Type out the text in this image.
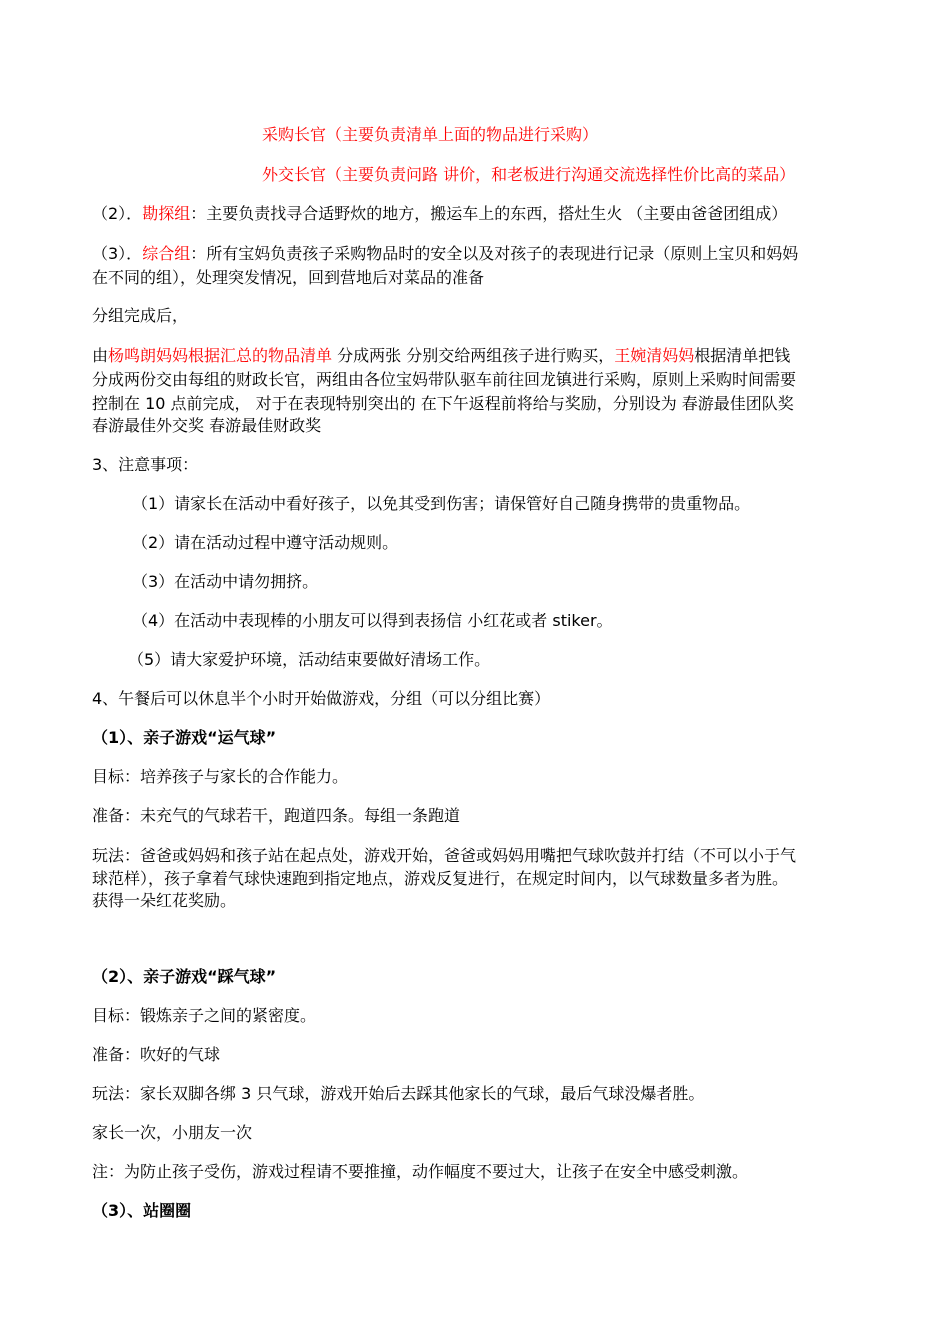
采购长官（主要负责清单上面的物品进行采购）
外交长官（主要负责问路 讲价，和老板进行沟通交流选择性价比高的菜品）
（2）．勘探组：主要负责找寻合适野炊的地方，搬运车上的东西，搭灶生火 （主要由爸爸团组成）
（3）．综合组：所有宝妈负责孩子采购物品时的安全以及对孩子的表现进行记录（原则上宝贝和妈妈
在不同的组），处理突发情况，回到营地后对菜品的准备
分组完成后，
由杨鸣朗妈妈根据汇总的物品清单 分成两张 分别交给两组孩子进行购买，王婉清妈妈根据清单把钱
分成两份交由每组的财政长官，两组由各位宝妈带队驱车前往回龙镇进行采购，原则上采购时间需要
控制在 10 点前完成， 对于在表现特别突出的 在下午返程前将给与奖励，分别设为 春游最佳团队奖
春游最佳外交奖 春游最佳财政奖
3、注意事项：
（1）请家长在活动中看好孩子，以免其受到伤害；请保管好自己随身携带的贵重物品。
（2）请在活动过程中遵守活动规则。
（3）在活动中请勿拥挤。
（4）在活动中表现棒的小朋友可以得到表扬信 小红花或者 stiker。
（5）请大家爱护环境，活动结束要做好清场工作。
4、午餐后可以休息半个小时开始做游戏，分组（可以分组比赛）
（1）、亲子游戏“运气球”
目标：培养孩子与家长的合作能力。
准备：未充气的气球若干，跑道四条。每组一条跑道
玩法：爸爸或妈妈和孩子站在起点处，游戏开始，爸爸或妈妈用嘴把气球吹鼓并打结（不可以小于气
球范样），孩子拿着气球快速跑到指定地点，游戏反复进行，在规定时间内，以气球数量多者为胜。
获得一朵红花奖励。
（2）、亲子游戏“踩气球”
目标：锻炼亲子之间的紧密度。
准备：吹好的气球
玩法：家长双脚各绑 3 只气球，游戏开始后去踩其他家长的气球，最后气球没爆者胜。
家长一次，小朋友一次
注：为防止孩子受伤，游戏过程请不要推撞，动作幅度不要过大，让孩子在安全中感受刺激。
（3）、站圈圈
